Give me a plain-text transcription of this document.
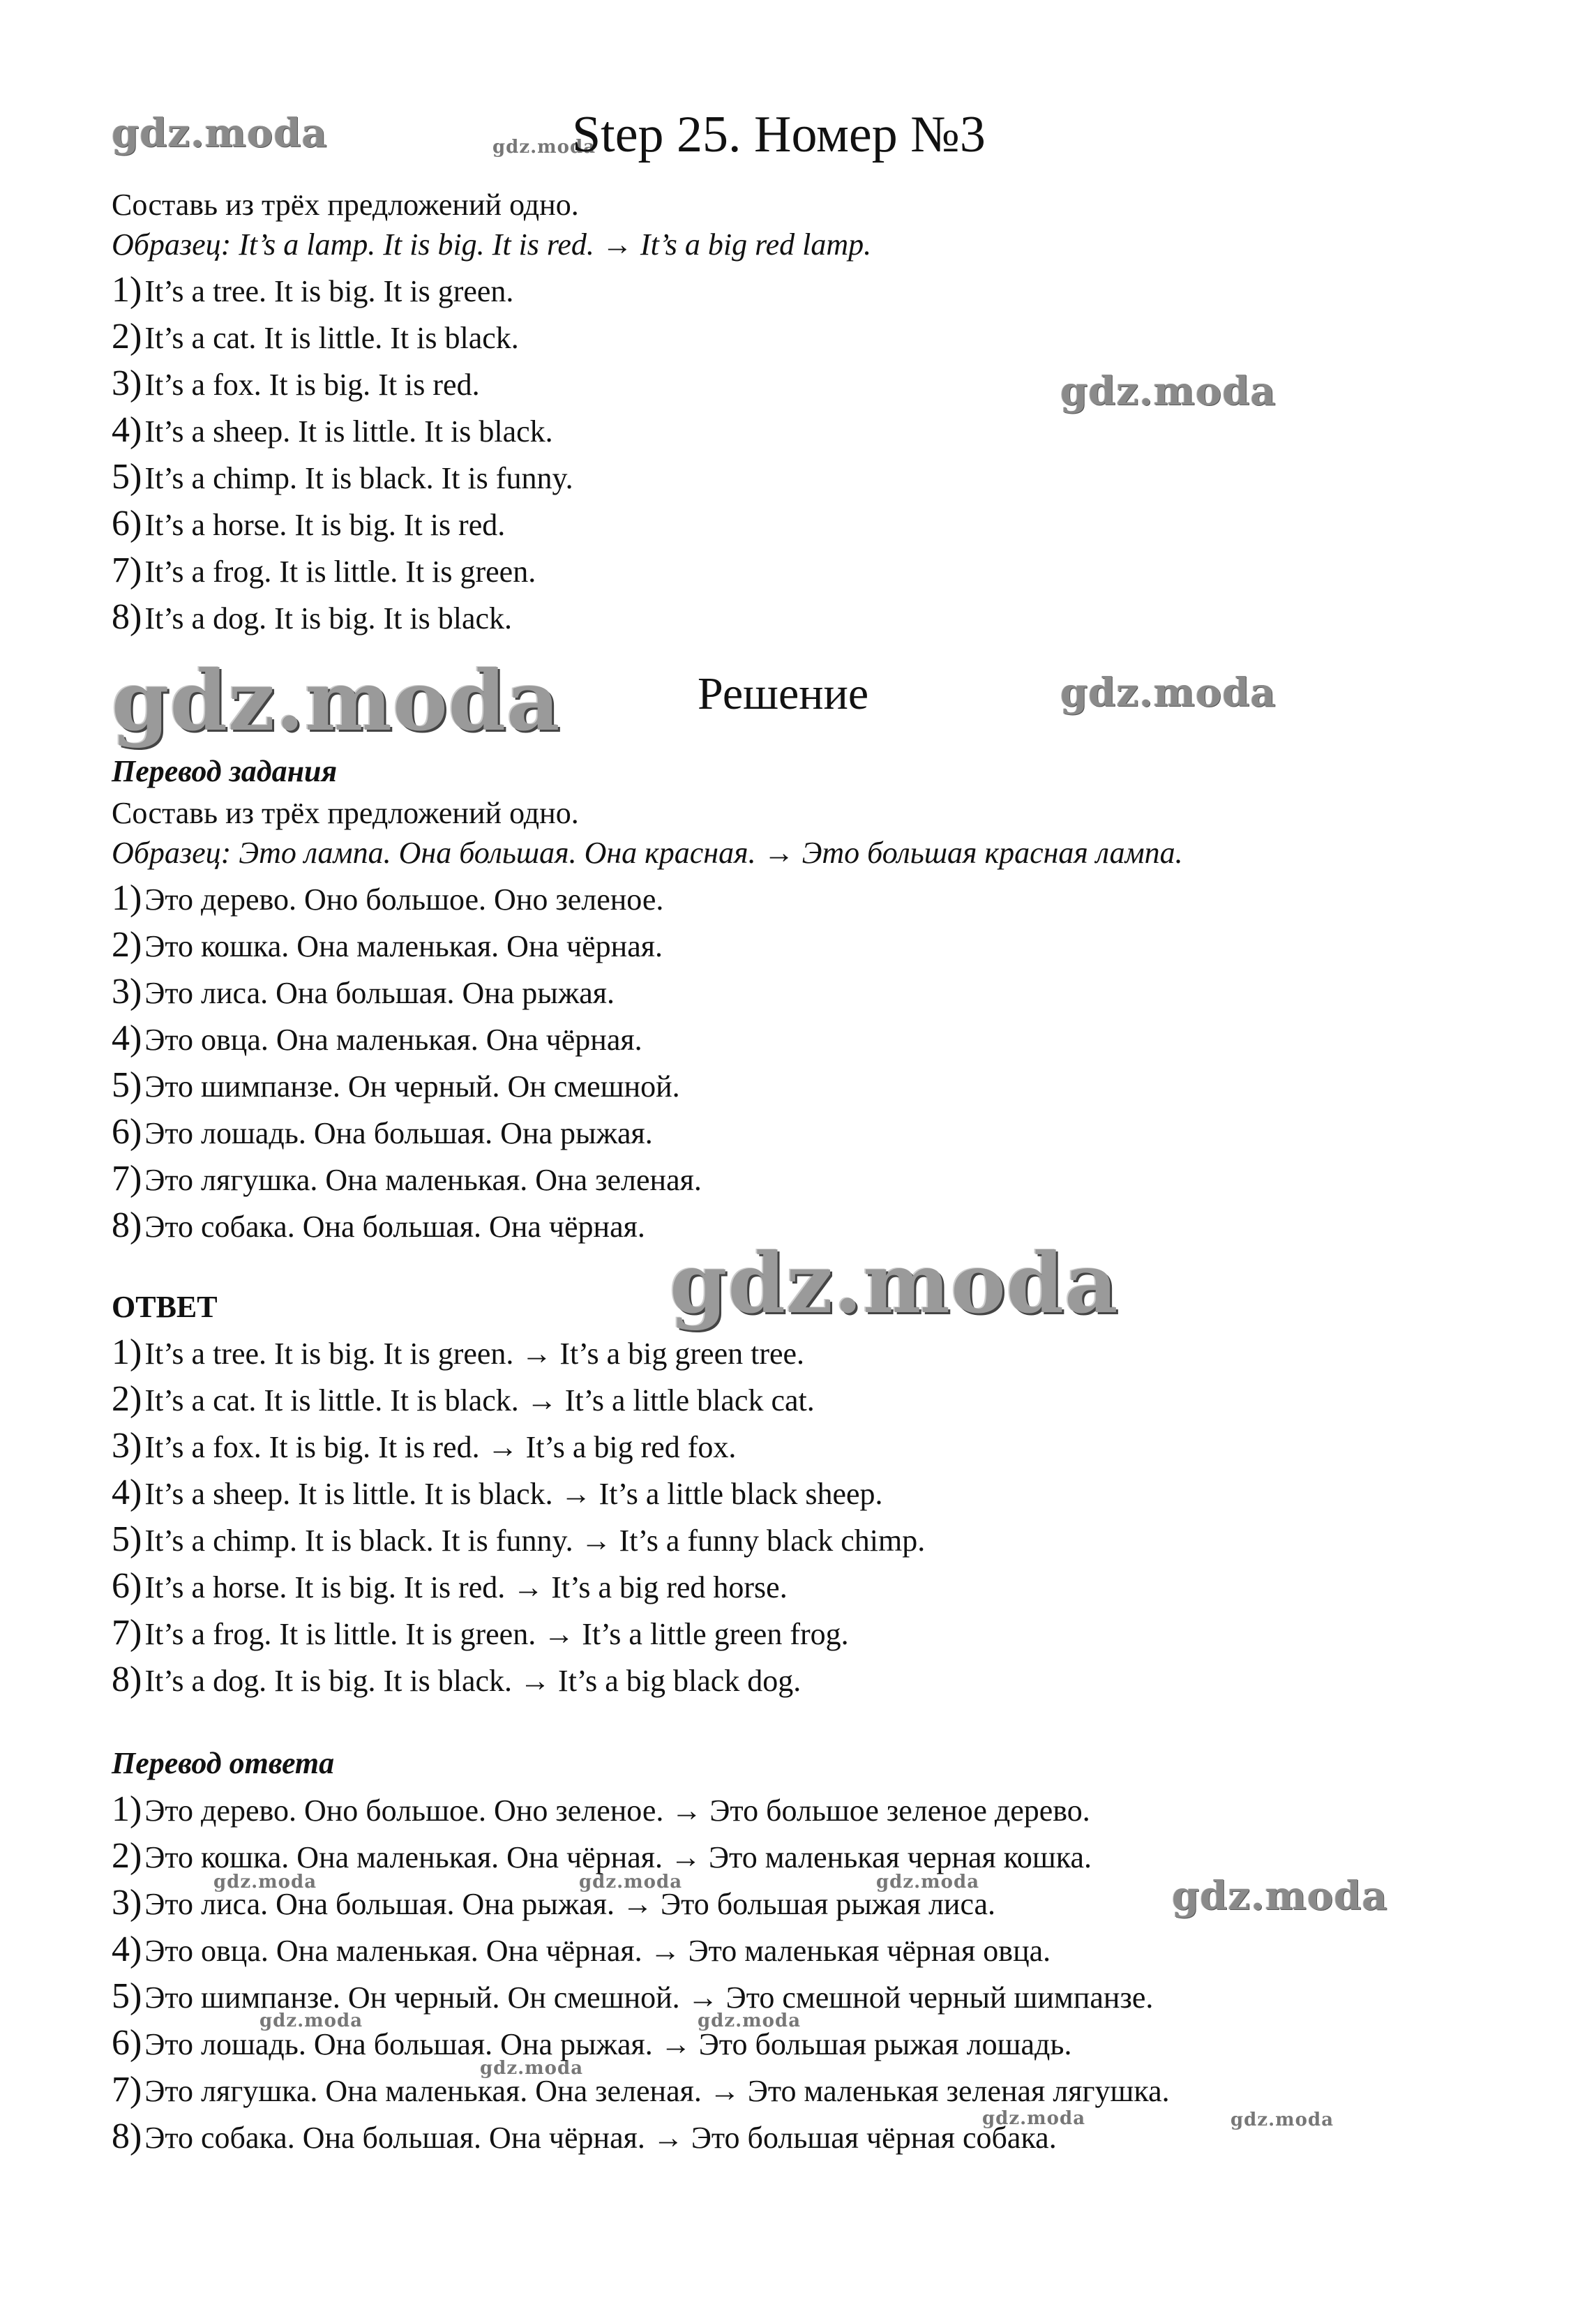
gdz.moda	gdz.moda
gdz.moda
gdz.moda	gdz.moda
gdz.moda
gdz.moda
gdz.moda	gdz.moda	gdz.moda
gdz.moda	gdz.moda
gdz.moda
gdz.moda	gdz.moda
Step 25. Номер №3
Составь из трёх предложений одно.
Образец: It’s a lamp. It is big. It is red. → It’s a big red lamp.
1)It’s a tree. It is big. It is green.
2)It’s a cat. It is little. It is black.
3)It’s a fox. It is big. It is red.
4)It’s a sheep. It is little. It is black.
5)It’s a chimp. It is black. It is funny.
6)It’s a horse. It is big. It is red.
7)It’s a frog. It is little. It is green.
8)It’s a dog. It is big. It is black.
Решение
Перевод задания
Составь из трёх предложений одно.
Образец: Это лампа. Она большая. Она красная. → Это большая красная лампа.
1)Это дерево. Оно большое. Оно зеленое.
2)Это кошка. Она маленькая. Она чёрная.
3)Это лиса. Она большая. Она рыжая.
4)Это овца. Она маленькая. Она чёрная.
5)Это шимпанзе. Он черный. Он смешной.
6)Это лошадь. Она большая. Она рыжая.
7)Это лягушка. Она маленькая. Она зеленая.
8)Это собака. Она большая. Она чёрная.
ОТВЕТ
1)It’s a tree. It is big. It is green. → It’s a big green tree.
2)It’s a cat. It is little. It is black. → It’s a little black cat.
3)It’s a fox. It is big. It is red. → It’s a big red fox.
4)It’s a sheep. It is little. It is black. → It’s a little black sheep.
5)It’s a chimp. It is black. It is funny. → It’s a funny black chimp.
6)It’s a horse. It is big. It is red. → It’s a big red horse.
7)It’s a frog. It is little. It is green. → It’s a little green frog.
8)It’s a dog. It is big. It is black. → It’s a big black dog.
Перевод ответа
1)Это дерево. Оно большое. Оно зеленое. → Это большое зеленое дерево.
2)Это кошка. Она маленькая. Она чёрная. → Это маленькая черная кошка.
3)Это лиса. Она большая. Она рыжая. → Это большая рыжая лиса.
4)Это овца. Она маленькая. Она чёрная. → Это маленькая чёрная овца.
5)Это шимпанзе. Он черный. Он смешной. → Это смешной черный шимпанзе.
6)Это лошадь. Она большая. Она рыжая. → Это большая рыжая лошадь.
7)Это лягушка. Она маленькая. Она зеленая. → Это маленькая зеленая лягушка.
8)Это собака. Она большая. Она чёрная. → Это большая чёрная собака.
